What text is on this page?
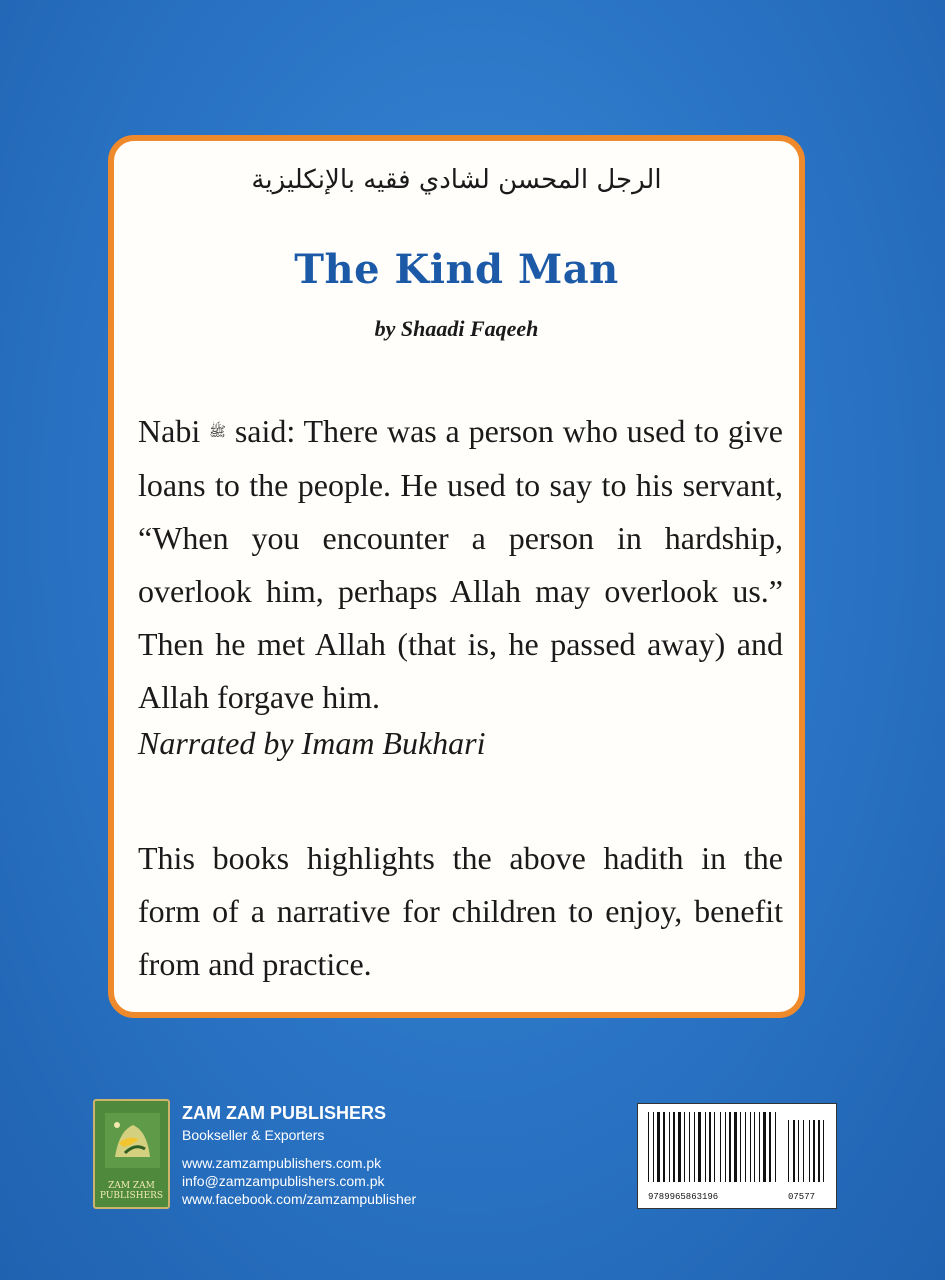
الرجل المحسن لشادي فقيه بالإنكليزية
The Kind Man
by Shaadi Faqeeh
Nabi ﷺ said: There was a person who used to give loans to the people. He used to say to his servant, “When you encounter a person in hardship, overlook him, perhaps Allah may overlook us.” Then he met Allah (that is, he passed away) and Allah forgave him.
Narrated by Imam Bukhari
This books highlights the above hadith in the form of a narrative for children to enjoy, benefit from and practice.
ZAM ZAM
PUBLISHERS
ZAM ZAM PUBLISHERS
Bookseller & Exporters
www.zamzampublishers.com.pk
info@zamzampublishers.com.pk
www.facebook.com/zamzampublisher	9789965863196	07577
